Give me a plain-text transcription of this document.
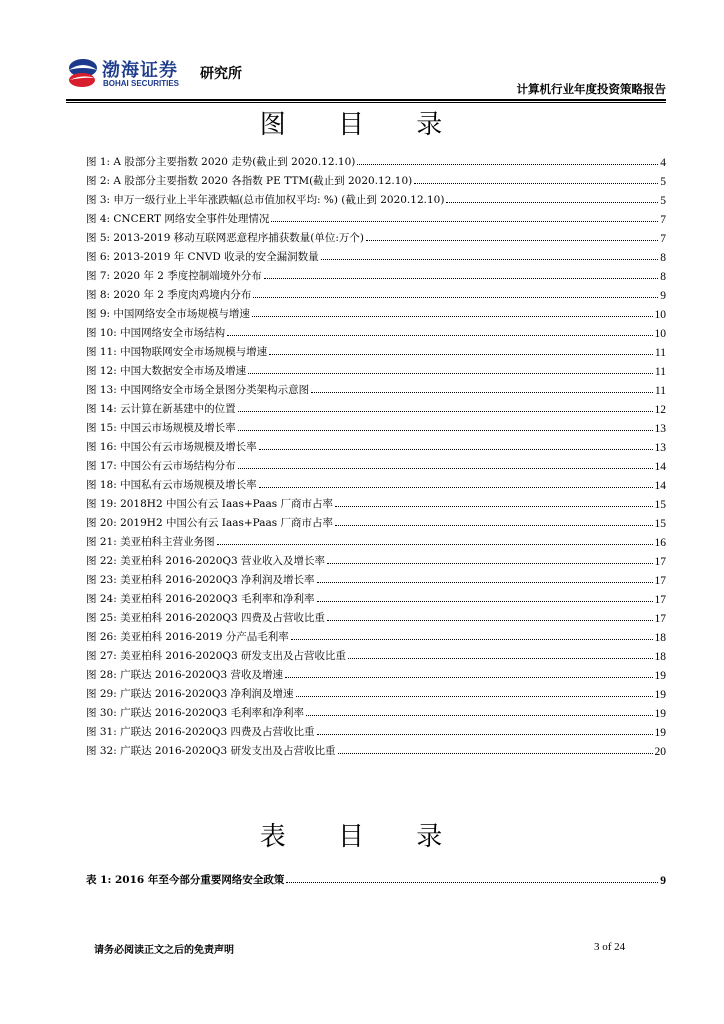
渤海证券
BOHAI SECURITIES
研究所
计算机行业年度投资策略报告
图 目 录
图 1: A 股部分主要指数 2020 走势(截止到 2020.12.10)	4
图 2: A 股部分主要指数 2020 各指数 PE TTM(截止到 2020.12.10)	5
图 3: 申万一级行业上半年涨跌幅(总市值加权平均: %) (截止到 2020.12.10)	5
图 4: CNCERT 网络安全事件处理情况	7
图 5: 2013-2019 移动互联网恶意程序捕获数量(单位:万个)	7
图 6: 2013-2019 年 CNVD 收录的安全漏洞数量	8
图 7: 2020 年 2 季度控制端境外分布	8
图 8: 2020 年 2 季度肉鸡境内分布	9
图 9: 中国网络安全市场规模与增速	10
图 10: 中国网络安全市场结构	10
图 11: 中国物联网安全市场规模与增速	11
图 12: 中国大数据安全市场及增速	11
图 13: 中国网络安全市场全景图分类架构示意图	11
图 14: 云计算在新基建中的位置	12
图 15: 中国云市场规模及增长率	13
图 16: 中国公有云市场规模及增长率	13
图 17: 中国公有云市场结构分布	14
图 18: 中国私有云市场规模及增长率	14
图 19: 2018H2 中国公有云 Iaas+Paas 厂商市占率	15
图 20: 2019H2 中国公有云 Iaas+Paas 厂商市占率	15
图 21: 美亚柏科主营业务图	16
图 22: 美亚柏科 2016-2020Q3 营业收入及增长率	17
图 23: 美亚柏科 2016-2020Q3 净利润及增长率	17
图 24: 美亚柏科 2016-2020Q3 毛利率和净利率	17
图 25: 美亚柏科 2016-2020Q3 四费及占营收比重	17
图 26: 美亚柏科 2016-2019 分产品毛利率	18
图 27: 美亚柏科 2016-2020Q3 研发支出及占营收比重	18
图 28: 广联达 2016-2020Q3 营收及增速	19
图 29: 广联达 2016-2020Q3 净利润及增速	19
图 30: 广联达 2016-2020Q3 毛利率和净利率	19
图 31: 广联达 2016-2020Q3 四费及占营收比重	19
图 32: 广联达 2016-2020Q3 研发支出及占营收比重	20
表 目 录
表 1: 2016 年至今部分重要网络安全政策	9
请务必阅读正文之后的免责声明	3 of 24
